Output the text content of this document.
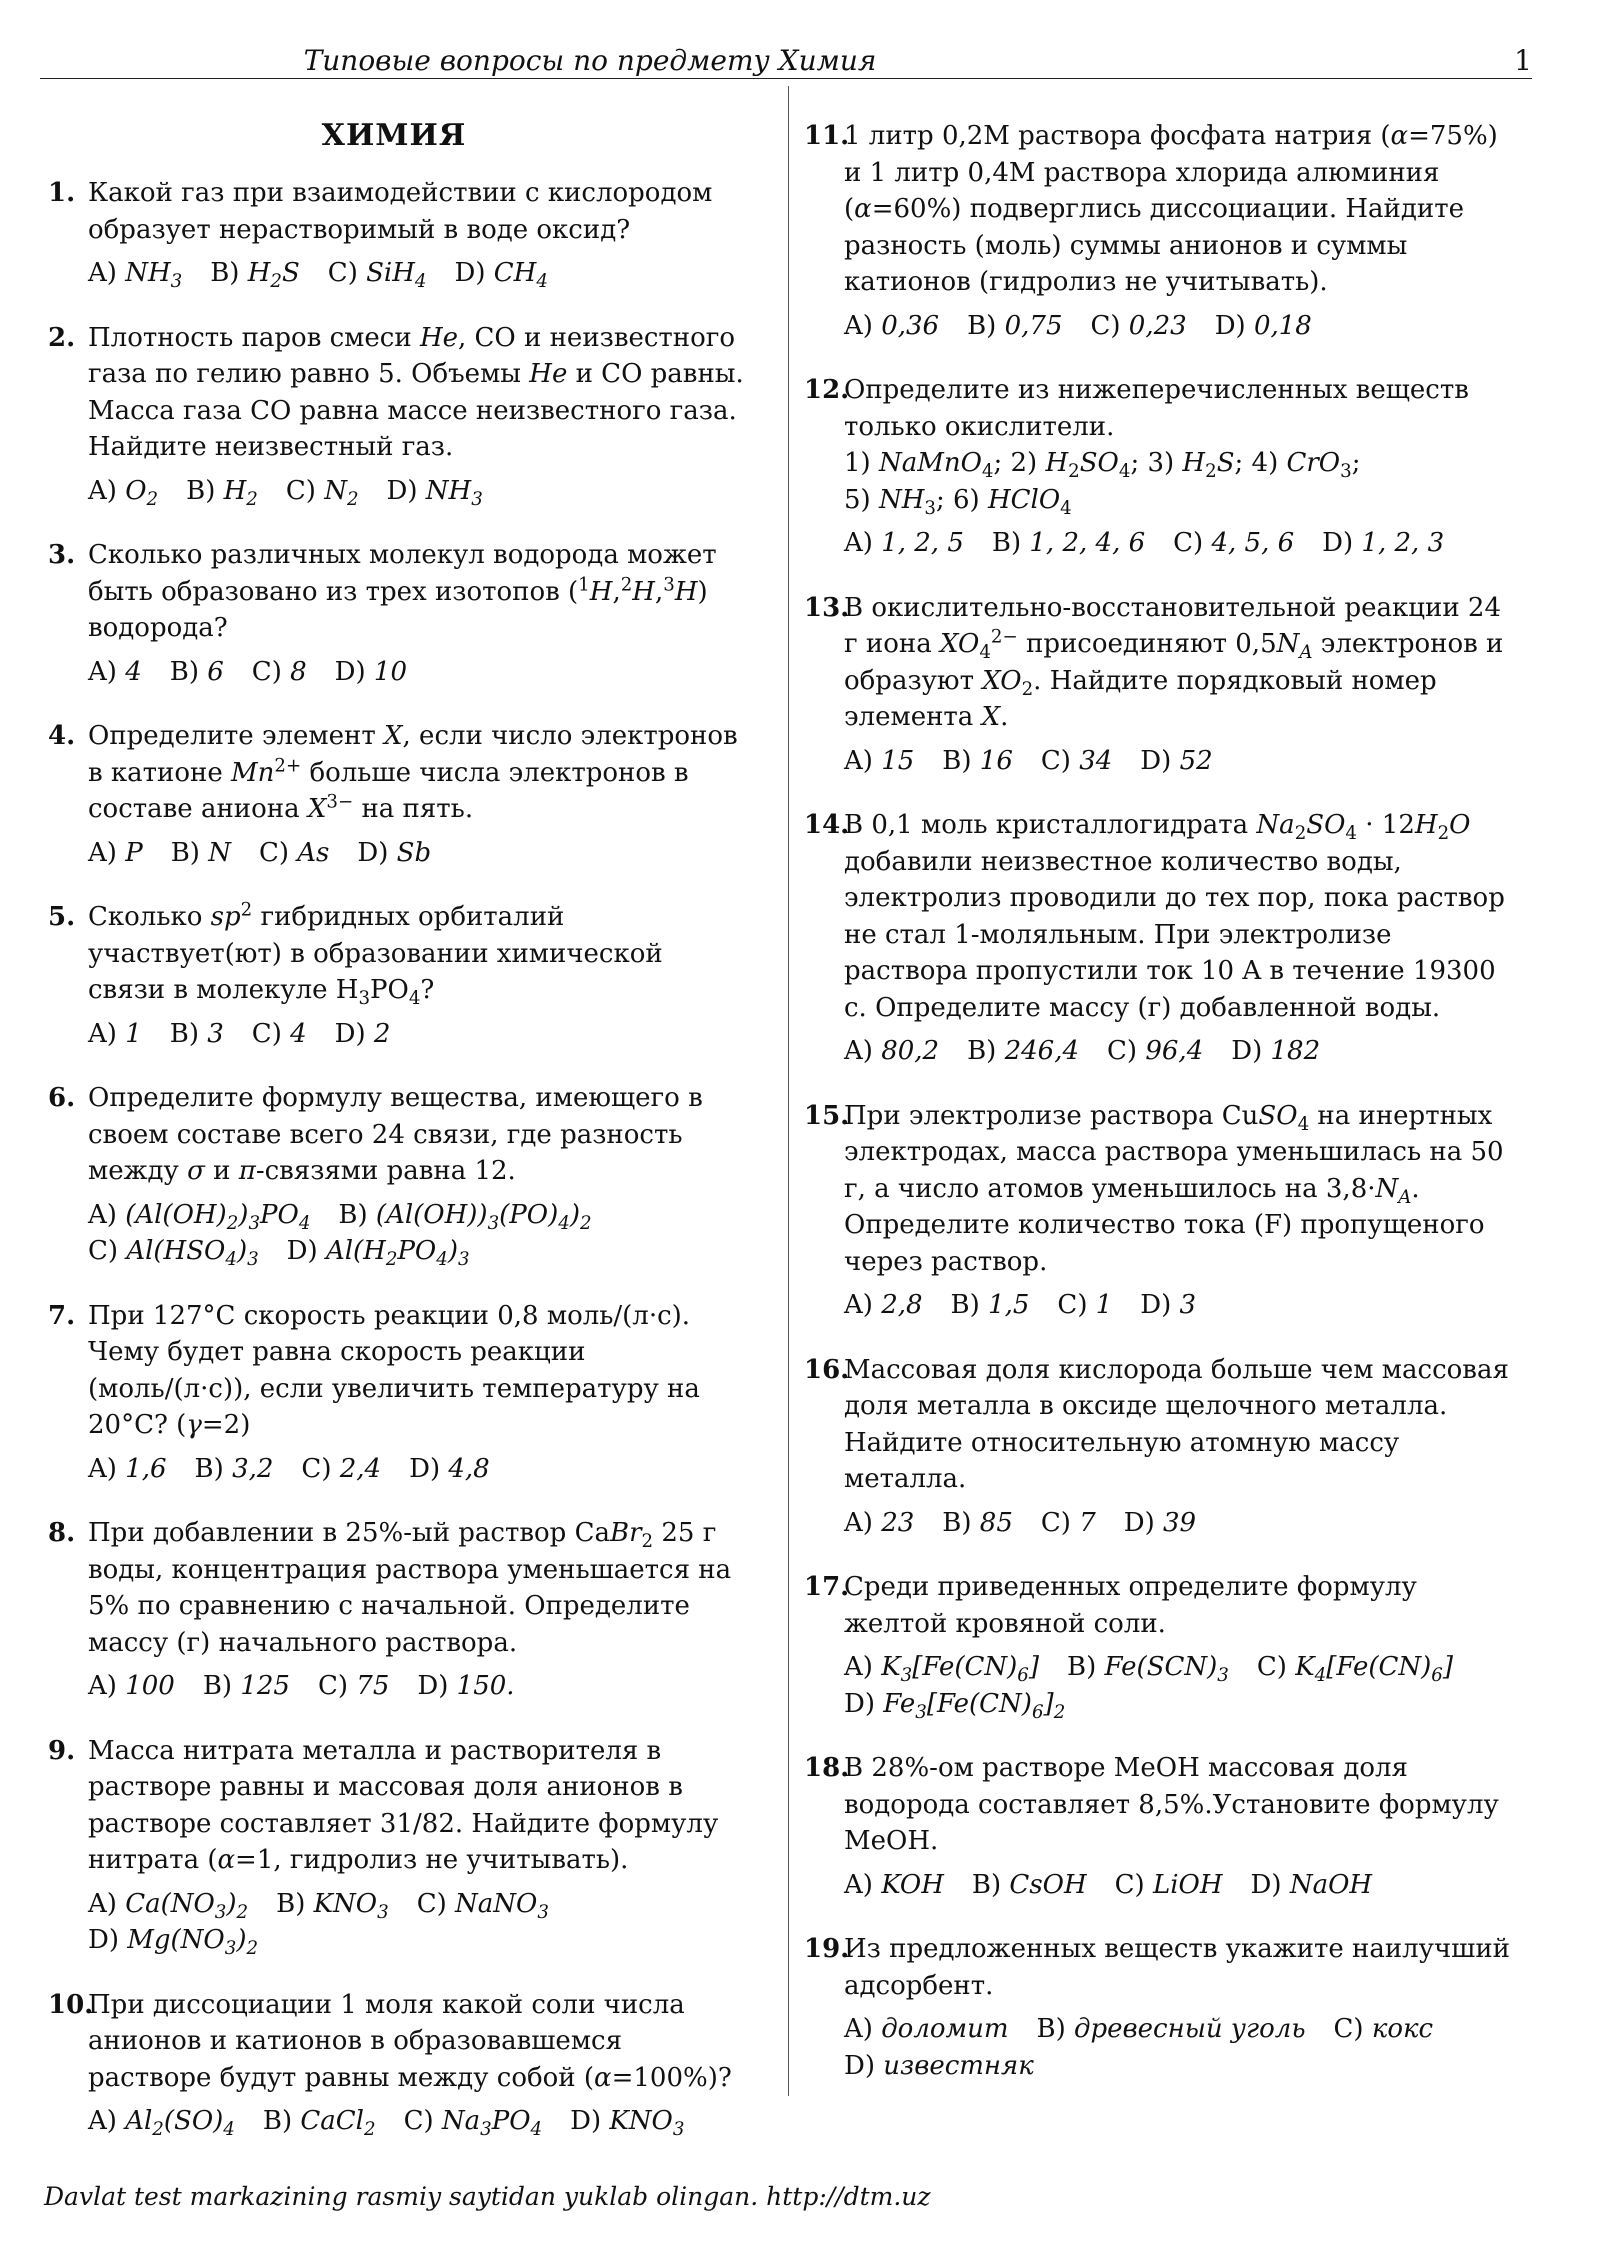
Типовые вопросы по предмету Химия	1
ХИМИЯ
1. Какой газ при взаимодействии с кислородом образует нерастворимый в воде оксид?
A) $NH_3$ B) $H_2S$ C) SiH$_4$ D) $CH_4$
2. Плотность паров смеси He, CO и неизвестного газа по гелию равно 5. Объемы He и CO равны. Масса газа CO равна массе неизвестного газа. Найдите неизвестный газ.
A) $O_2$ B) $H_2$ C) $N_2$ D) $NH_3$
3. Сколько различных молекул водорода может быть образовано из трех изотопов ($^1$H,$^2$H,$^3$H) водорода?
A) 4 B) 6 C) 8 D) 10
4. Определите элемент X, если число электронов в катионе $Mn^{2+}$ больше числа электронов в составе аниона $X^{3-}$ на пять.
A) P B) N C) As D) Sb
5. Сколько $sp^2$ гибридных орбиталий участвует(ют) в образовании химической связи в молекуле $H_3PO_4$?
A) 1 B) 3 C) 4 D) 2
6. Определите формулу вещества, имеющего в своем составе всего 24 связи, где разность между σ и π-связями равна 12.
A) $(Al(OH)_2)_3PO_4$ B) $(Al(OH))_3(PO)_4)_2C$) $Al(HSO_4)_3$ D) $Al(H_2PO_4)_3$
7. При 127°C скорость реакции 0,8 моль/(л·с). Чему будет равна скорость реакции (моль/(л·с)), если увеличить температуру на 20°C? (γ=2)
A) 1,6 B) 3,2 C) 2,4 D) 4,8
8. При добавлении в 25%-ый раствор CaBr$_2$ 25 г воды, концентрация раствора уменьшается на 5% по сравнению с начальной. Определите массу (г) начального раствора.
A) 100 B) 125 C) 75 D) 150.
9. Масса нитрата металла и растворителя в растворе равны и массовая доля анионов в растворе составляет 31/82. Найдите формулу нитрата (α=1, гидролиз не учитывать).
A) $Ca(NO_3)_2$ B) $KNO_3$ C) NaNO$_3$D) $Mg(NO_3)_2$
10.
При диссоциации 1 моля какой соли числа анионов и катионов в образовавшемся растворе будут равны между собой (α=100%)?
A) $Al_2(SO)_4$ B) CaCl$_2$ C) $Na_3PO_4$ D) $KNO_3$
11.
1 литр 0,2M раствора фосфата натрия (α=75%) и 1 литр 0,4M раствора хлорида алюминия (α=60%) подверглись диссоциации. Найдите разность (моль) суммы анионов и суммы катионов (гидролиз не учитывать).
A) 0,36 B) 0,75 C) 0,23 D) 0,18
12.
Определите из нижеперечисленных веществ только окислители.
1) NaMnO$_4$; 2) $H_2SO_4$; 3) $H_2S$; 4) CrO$_3$;
5) $NH_3$; 6) HClO$_4$
A) 1, 2, 5 B) 1, 2, 4, 6 C) 4, 5, 6 D) 1, 2, 3
13.
В окислительно-восстановительной реакции 24 г иона $XO_4^{2-}$ присоединяют $0,5N_A$ электронов и образуют $XO_2$. Найдите порядковый номер элемента X.
A) 15 B) 16 C) 34 D) 52
14.
В 0,1 моль кристаллогидрата $Na_2SO_4 \cdot 12H_2O$ добавили неизвестное количество воды, электролиз проводили до тех пор, пока раствор не стал 1-моляльным. При электролизе раствора пропустили ток 10 A в течение 19300 с. Определите массу (г) добавленной воды.
A) 80,2 B) 246,4 C) 96,4 D) 182
15.
При электролизе раствора CuSO$_4$ на инертных электродах, масса раствора уменьшилась на 50 г, а число атомов уменьшилось на $3,8\cdot N_A$. Определите количество тока (F) пропущеного через раствор.
A) 2,8 B) 1,5 C) 1 D) 3
16.
Массовая доля кислорода больше чем массовая доля металла в оксиде щелочного металла. Найдите относительную атомную массу металла.
A) 23 B) 85 C) 7 D) 39
17.
Среди приведенных определите формулу желтой кровяной соли.
A) $K_3[Fe(CN)_6]$ B) $Fe(SCN)_3$ C) $K_4[Fe(CN)_6]D$) $Fe_3[Fe(CN)_6]_2$
18.
В 28%-ом растворе MeOH массовая доля водорода составляет 8,5%.Установите формулу MeOH.
A) KOH B) CsOH C) LiOH D) NaOH
19.
Из предложенных веществ укажите наилучший адсорбент.
A) доломит B) древесный уголь C) коксD) известняк
Davlat test markazining rasmiy saytidan yuklab olingan. http://dtm.uz
